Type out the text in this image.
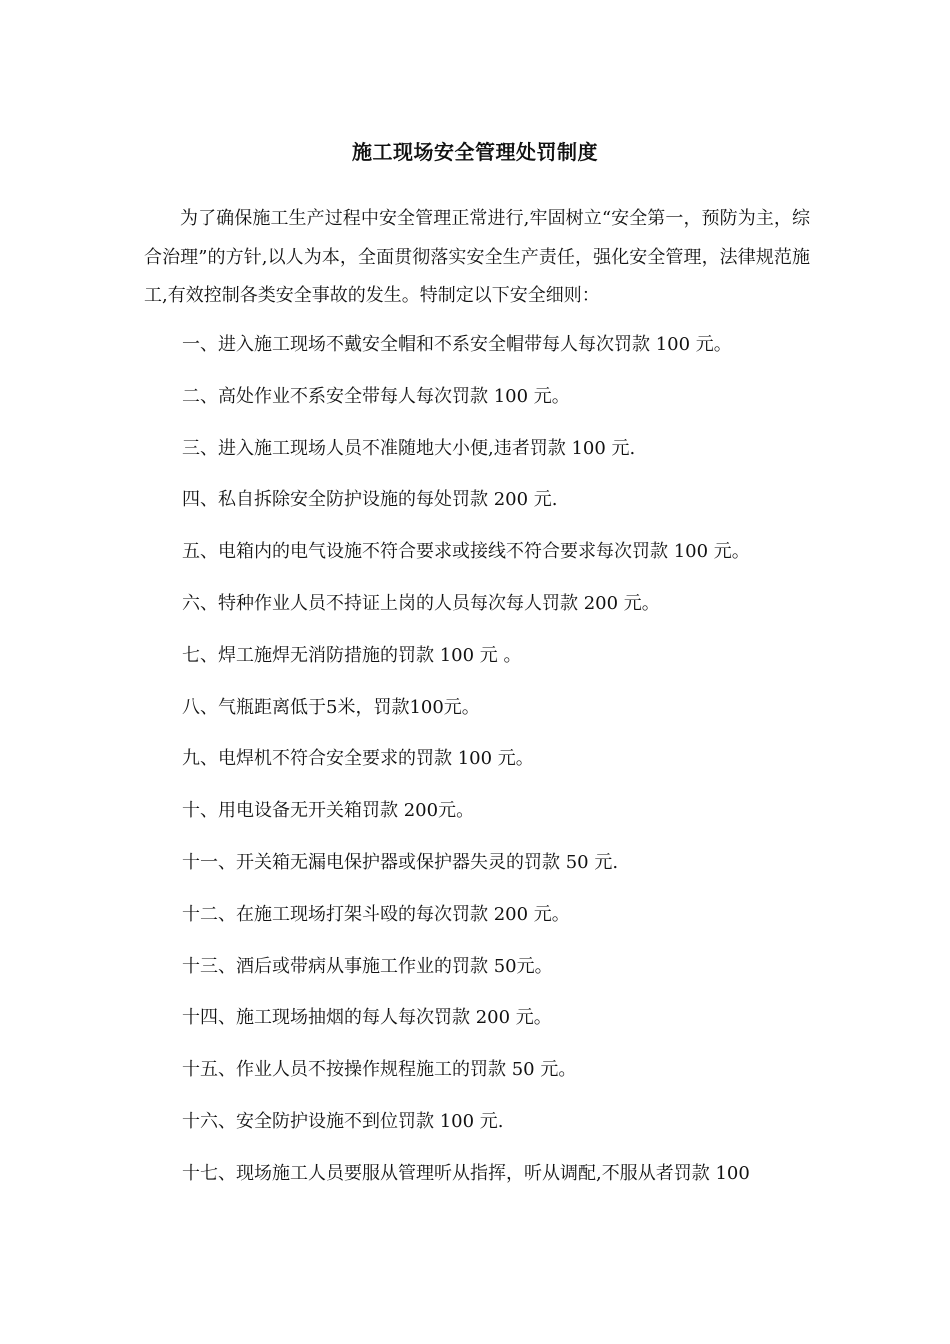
施工现场安全管理处罚制度

为了确保施工生产过程中安全管理正常进行,牢固树立“安全第一，预防为主，综合治理”的方针,以人为本，全面贯彻落实安全生产责任，强化安全管理，法律规范施工,有效控制各类安全事故的发生。特制定以下安全细则：

一、进入施工现场不戴安全帽和不系安全帽带每人每次罚款 100 元。
二、高处作业不系安全带每人每次罚款 100 元。
三、进入施工现场人员不准随地大小便,违者罚款 100 元.
四、私自拆除安全防护设施的每处罚款 200 元.
五、电箱内的电气设施不符合要求或接线不符合要求每次罚款 100 元。
六、特种作业人员不持证上岗的人员每次每人罚款 200 元。
七、焊工施焊无消防措施的罚款 100 元 。
八、气瓶距离低于5米，罚款100元。
九、电焊机不符合安全要求的罚款 100 元。
十、用电设备无开关箱罚款 200元。
十一、开关箱无漏电保护器或保护器失灵的罚款 50 元.
十二、在施工现场打架斗殴的每次罚款 200 元。
十三、酒后或带病从事施工作业的罚款 50元。
十四、施工现场抽烟的每人每次罚款 200 元。
十五、作业人员不按操作规程施工的罚款 50 元。
十六、安全防护设施不到位罚款 100 元.
十七、现场施工人员要服从管理听从指挥，听从调配,不服从者罚款 100
